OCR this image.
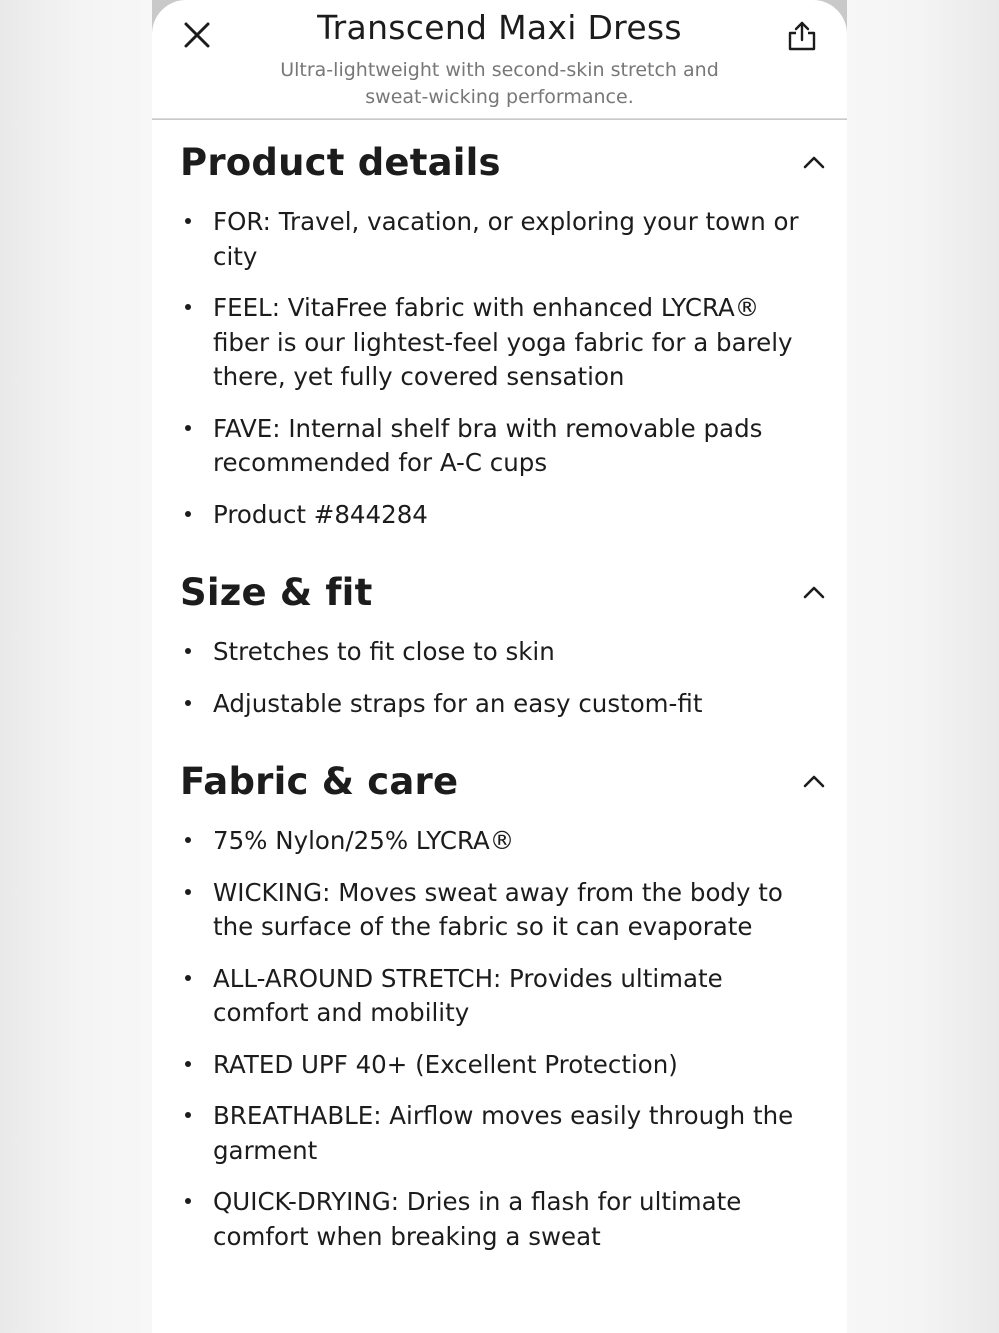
Transcend Maxi Dress
Ultra-lightweight with second-skin stretch and sweat-wicking performance.
Product details
FOR: Travel, vacation, or exploring your town or city
FEEL: VitaFree fabric with enhanced LYCRA® fiber is our lightest-feel yoga fabric for a barely there, yet fully covered sensation
FAVE: Internal shelf bra with removable pads recommended for A-C cups
Product #844284
Size & fit
Stretches to fit close to skin
Adjustable straps for an easy custom-fit
Fabric & care
75% Nylon/25% LYCRA®
WICKING: Moves sweat away from the body to the surface of the fabric so it can evaporate
ALL-AROUND STRETCH: Provides ultimate comfort and mobility
RATED UPF 40+ (Excellent Protection)
BREATHABLE: Airflow moves easily through the garment
QUICK-DRYING: Dries in a flash for ultimate comfort when breaking a sweat
